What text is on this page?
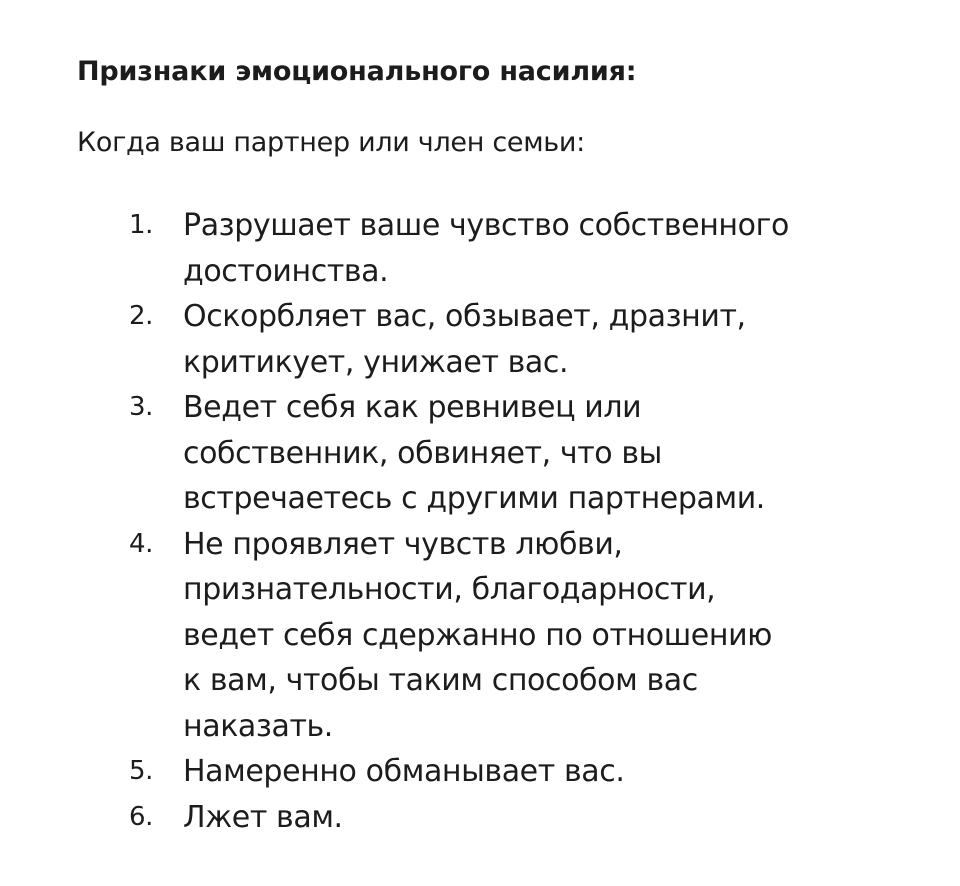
Признаки эмоционального насилия:

Когда ваш партнер или член семьи:

1. Разрушает ваше чувство собственного достоинства.
2. Оскорбляет вас, обзывает, дразнит, критикует, унижает вас.
3. Ведет себя как ревнивец или собственник, обвиняет, что вы встречаетесь с другими партнерами.
4. Не проявляет чувств любви, признательности, благодарности, ведет себя сдержанно по отношению к вам, чтобы таким способом вас наказать.
5. Намеренно обманывает вас.
6. Лжет вам.
